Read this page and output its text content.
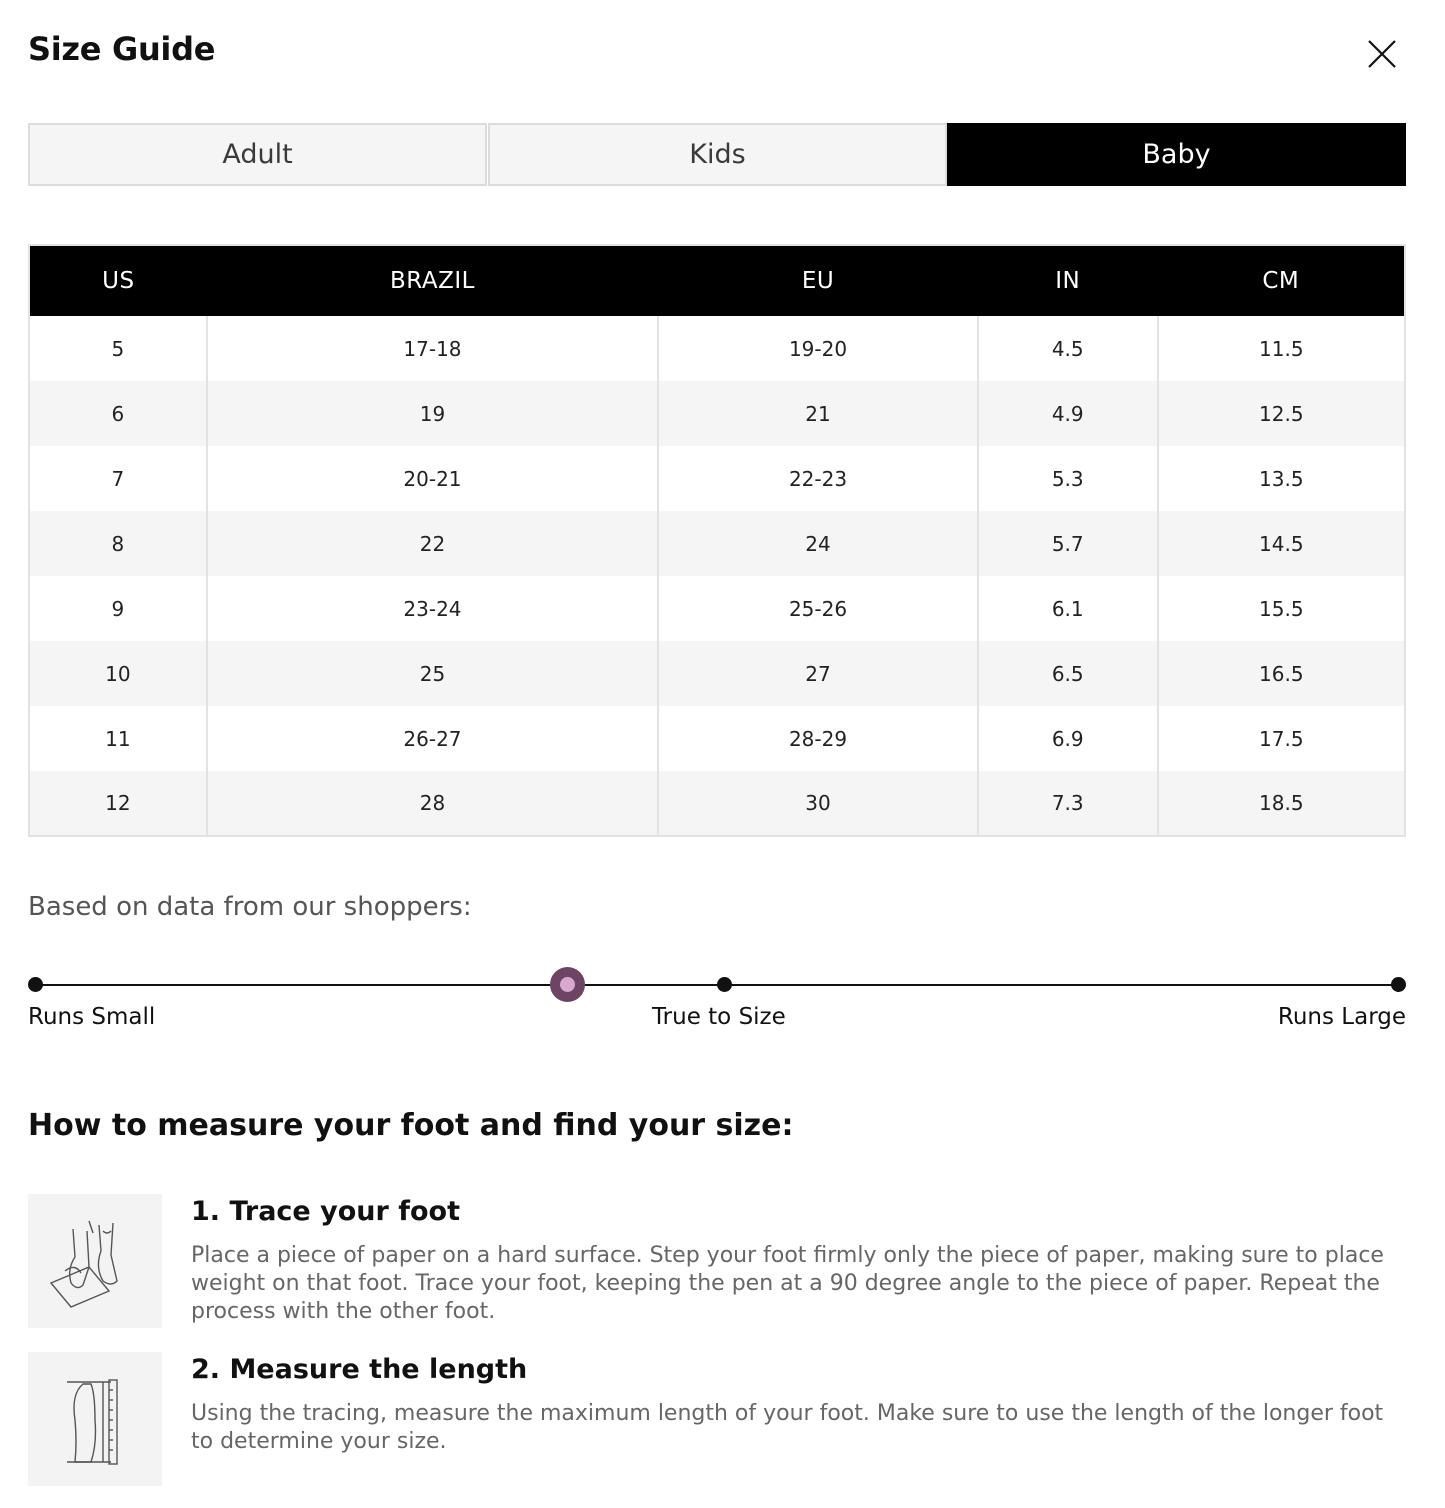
Size Guide
Adult	Kids	Baby
US	BRAZIL	EU	IN	CM
5	17-18	19-20	4.5	11.5
6	19	21	4.9	12.5
7	20-21	22-23	5.3	13.5
8	22	24	5.7	14.5
9	23-24	25-26	6.1	15.5
10	25	27	6.5	16.5
11	26-27	28-29	6.9	17.5
12	28	30	7.3	18.5

Based on data from our shoppers:

Runs Small	True to Size	Runs Large
How to measure your foot and find your size:
1. Trace your foot

Place a piece of paper on a hard surface. Step your foot firmly only the piece of paper, making sure to place weight on that foot. Trace your foot, keeping the pen at a 90 degree angle to the piece of paper. Repeat the process with the other foot.

2. Measure the length

Using the tracing, measure the maximum length of your foot. Make sure to use the length of the longer foot to determine your size.
